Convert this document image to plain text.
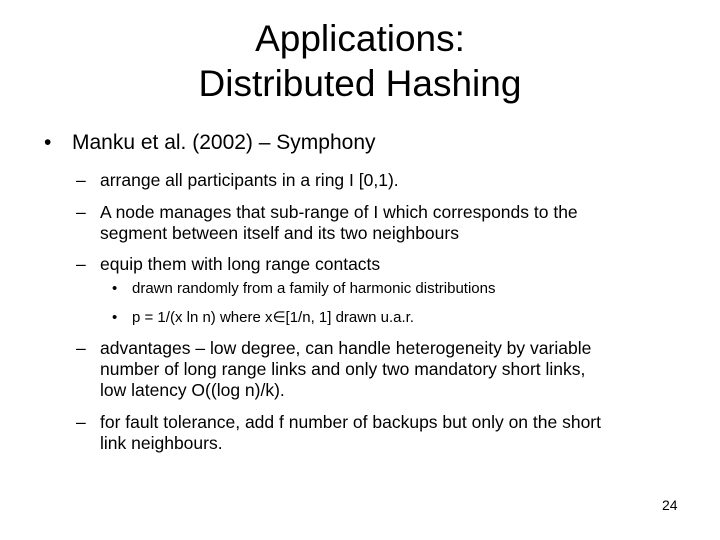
Applications:
Distributed Hashing
• Manku et al. (2002) – Symphony
– arrange all participants in a ring I [0,1).
– A node manages that sub-range of I which corresponds to the
segment between itself and its two neighbours
– equip them with long range contacts
• drawn randomly from a family of harmonic distributions
• p = 1/(x ln n) where x∈[1/n, 1] drawn u.a.r.
– advantages – low degree, can handle heterogeneity by variable
number of long range links and only two mandatory short links,
low latency O((log n)/k).
– for fault tolerance, add f number of backups but only on the short
link neighbours.
24
